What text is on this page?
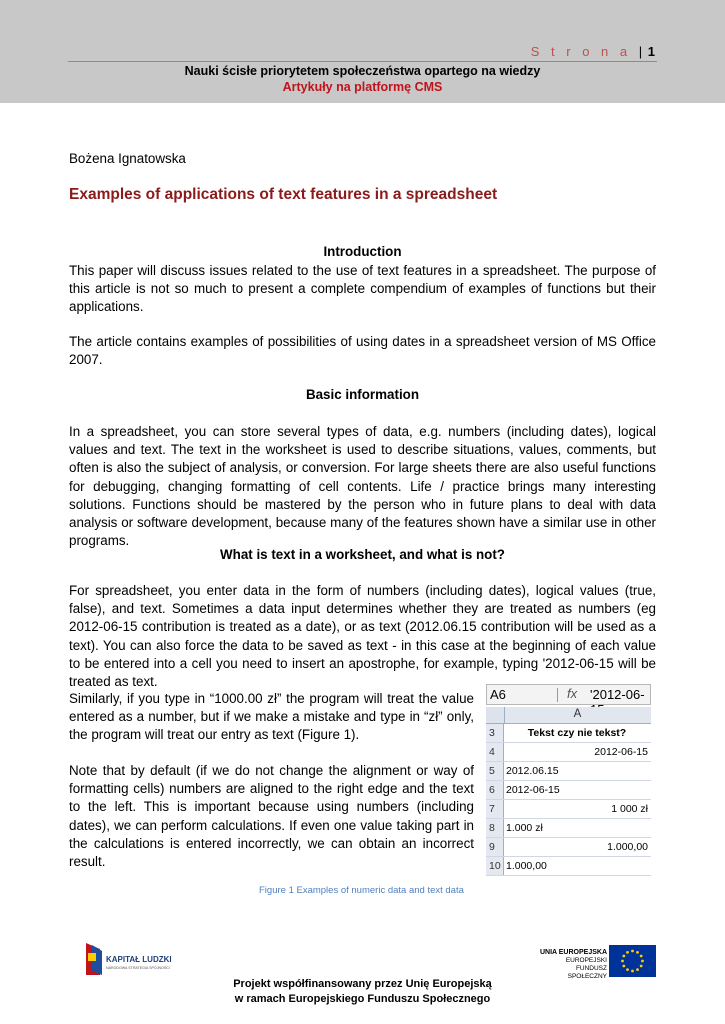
S t r o n a | 1
Nauki ścisłe priorytetem społeczeństwa opartego na wiedzy
Artykuły na platformę CMS
Bożena Ignatowska
Examples of applications of text features in a spreadsheet
Introduction
This paper will discuss issues related to the use of text features in a spreadsheet. The purpose of this article is not so much to present a complete compendium of examples of functions but their applications.
The article contains examples of possibilities of using dates in a spreadsheet version of MS Office 2007.
Basic information
In a spreadsheet, you can store several types of data, e.g. numbers (including dates), logical values and text. The text in the worksheet is used to describe situations, values, comments, but often is also the subject of analysis, or conversion. For large sheets there are also useful functions for debugging, changing formatting of cell contents. Life / practice brings many interesting solutions. Functions should be mastered by the person who in future plans to deal with data analysis or software development, because many of the features shown have a similar use in other programs.
What is text in a worksheet, and what is not?
For spreadsheet, you enter data in the form of numbers (including dates), logical values (true, false), and text. Sometimes a data input determines whether they are treated as numbers (eg 2012-06-15 contribution is treated as a date), or as text (2012.06.15 contribution will be used as a text). You can also force the data to be saved as text - in this case at the beginning of each value to be entered into a cell you need to insert an apostrophe, for example, typing '2012-06-15 will be treated as text.
Similarly, if you type in “1000.00 zł” the program will treat the value entered as a number, but if we make a mistake and type in “zł” only, the program will treat our entry as text (Figure 1).
Note that by default (if we do not change the alignment or way of formatting cells) numbers are aligned to the right edge and the text to the left. This is important because using numbers (including dates), we can perform calculations. If even one value taking part in the calculations is entered incorrectly, we can obtain an incorrect result.
A6	fx '2012-06-
A
3	Tekst czy nie tekst?
4	2012-06-15
5	2012.06.15
6	2012-06-15
7	1 000 zł
8	1.000 zł
9	1.000,00
10 1.000,00
Figure 1 Examples of numeric data and text data
KAPITAŁ LUDZKI
NARODOWA STRATEGIA SPÓJNOŚCI
UNIA EUROPEJSKA
EUROPEJSKI
FUNDUSZ SPOŁECZNY
Projekt współfinansowany przez Unię Europejską
w ramach Europejskiego Funduszu Społecznego
